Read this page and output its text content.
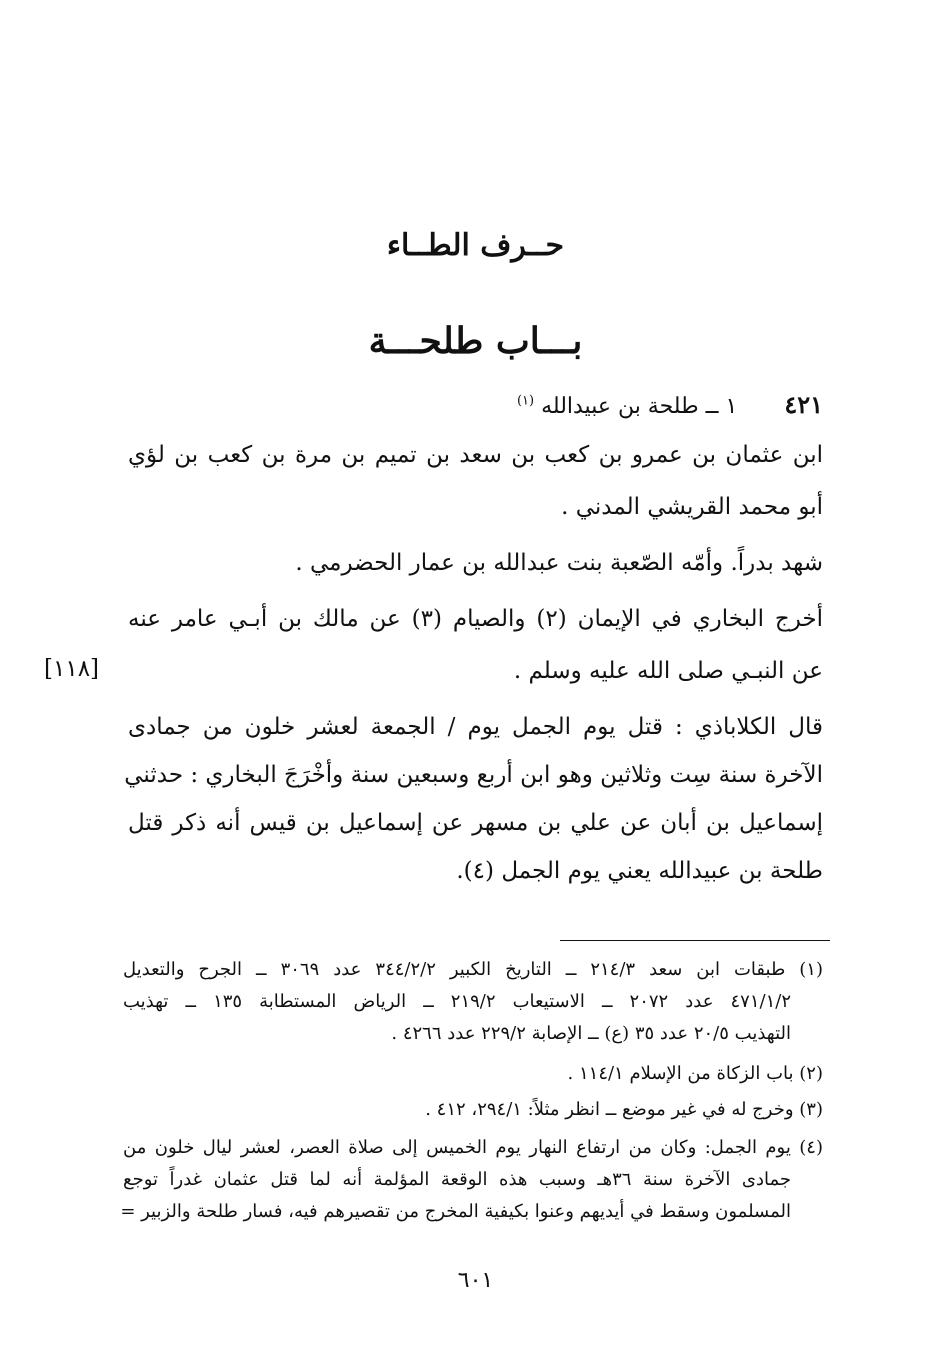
حــرف الطــاء
بـــاب طلحـــة
٤٢١ ١ ــ طلحة بن عبيدالله $^{(١)}$
ابن عثمان بن عمرو بن كعب بن سعد بن تميم بن مرة بن كعب بن لؤي
أبو محمد القريشي المدني .
شهد بدراً. وأمّه الصّعبة بنت عبدالله بن عمار الحضرمي .
أخرج البخاري في الإيمان (٢) والصيام (٣) عن مالك بن أبـي عامر عنه
عن النبـي صلى الله عليه وسلم .
قال الكلاباذي : قتل يوم الجمل يوم / الجمعة لعشر خلون من جمادى
الآخرة سنة سِت وثلاثين وهو ابن أربع وسبعين سنة وأخْرَجَ البخاري : حدثني
إسماعيل بن أبان عن علي بن مسهر عن إسماعيل بن قيس أنه ذكر قتل
طلحة بن عبيدالله يعني يوم الجمل (٤).
[١١٨]
(١) طبقات ابن سعد ٢١٤/٣ ــ التاريخ الكبير ٣٤٤/٢/٢ عدد ٣٠٦٩ ــ الجرح والتعديل
٤٧١/١/٢ عدد ٢٠٧٢ ــ الاستيعاب ٢١٩/٢ ــ الرياض المستطابة ١٣٥ ــ تهذيب
التهذيب ٢٠/٥ عدد ٣٥ (ع) ــ الإصابة ٢٢٩/٢ عدد ٤٢٦٦ .
(٢) باب الزكاة من الإسلام ١١٤/١ .
(٣) وخرج له في غير موضع ــ انظر مثلاً: ٢٩٤/١، ٤١٢ .
(٤) يوم الجمل: وكان من ارتفاع النهار يوم الخميس إلى صلاة العصر، لعشر ليال خلون من
جمادى الآخرة سنة ٣٦هـ وسبب هذه الوقعة المؤلمة أنه لما قتل عثمان غدراً توجع
المسلمون وسقط في أيديهم وعنوا بكيفية المخرج من تقصيرهم فيه، فسار طلحة والزبير =
٦٠١
